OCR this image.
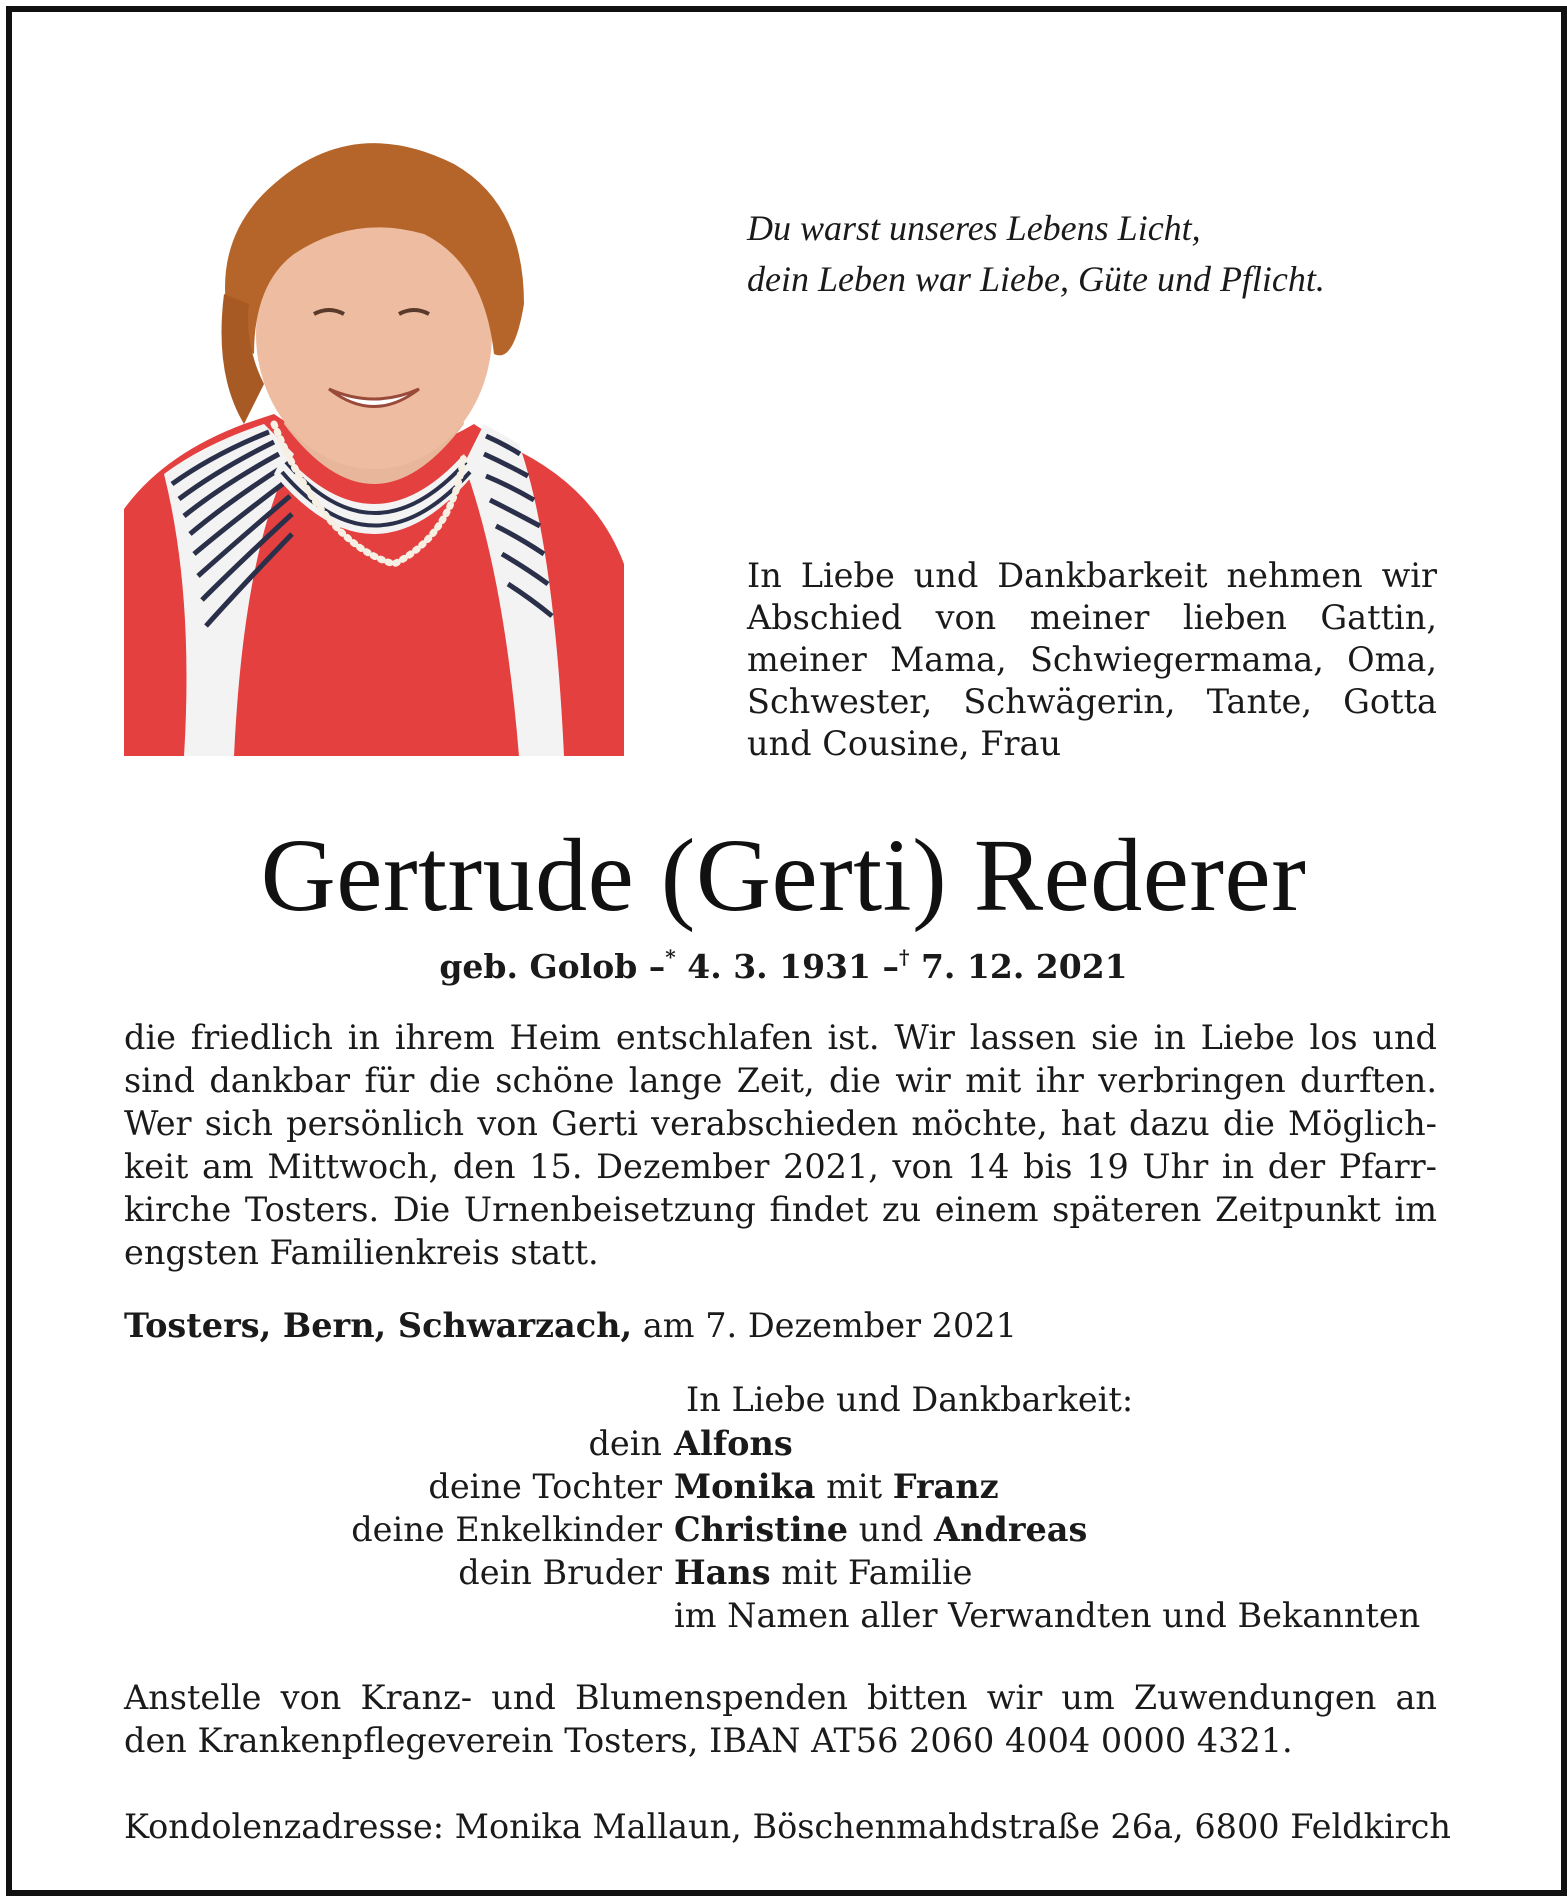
Du warst unseres Lebens Licht,
dein Leben war Liebe, Güte und Pflicht.
In Liebe und Dankbarkeit nehmen wir
Abschied von meiner lieben Gattin,
meiner Mama, Schwiegermama, Oma,
Schwester, Schwägerin, Tante, Gotta
und Cousine, Frau
Gertrude (Gerti) Rederer
geb. Golob –* 4. 3. 1931 –† 7. 12. 2021
die friedlich in ihrem Heim entschlafen ist. Wir lassen sie in Liebe los und
sind dankbar für die schöne lange Zeit, die wir mit ihr verbringen durften.
Wer sich persönlich von Gerti verabschieden möchte, hat dazu die Möglich-
keit am Mittwoch, den 15. Dezember 2021, von 14 bis 19 Uhr in der Pfarr-
kirche Tosters. Die Urnenbeisetzung findet zu einem späteren Zeitpunkt im
engsten Familienkreis statt.
Tosters, Bern, Schwarzach, am 7. Dezember 2021
In Liebe und Dankbarkeit:
dein Alfons
deine Tochter Monika mit Franz
deine Enkelkinder Christine und Andreas
dein Bruder Hans mit Familie
im Namen aller Verwandten und Bekannten
Anstelle von Kranz- und Blumenspenden bitten wir um Zuwendungen an
den Krankenpflegeverein Tosters, IBAN AT56 2060 4004 0000 4321.
Kondolenzadresse: Monika Mallaun, Böschenmahdstraße 26a, 6800 Feldkirch
